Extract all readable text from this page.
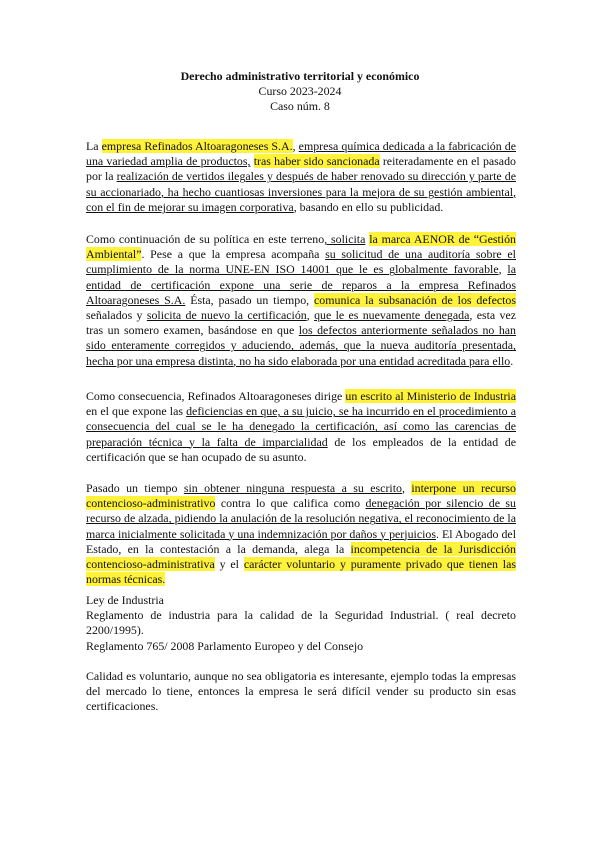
Derecho administrativo territorial y económico
Curso 2023-2024
Caso núm. 8

La empresa Refinados Altoaragoneses S.A., empresa química dedicada a la fabricación de una variedad amplia de productos, tras haber sido sancionada reiteradamente en el pasado por la realización de vertidos ilegales y después de haber renovado su dirección y parte de su accionariado, ha hecho cuantiosas inversiones para la mejora de su gestión ambiental, con el fin de mejorar su imagen corporativa, basando en ello su publicidad.

Como continuación de su política en este terreno, solicita la marca AENOR de “Gestión Ambiental”. Pese a que la empresa acompaña su solicitud de una auditoría sobre el cumplimiento de la norma UNE-EN ISO 14001 que le es globalmente favorable, la entidad de certificación expone una serie de reparos a la empresa Refinados Altoaragoneses S.A. Ésta, pasado un tiempo, comunica la subsanación de los defectos señalados y solicita de nuevo la certificación, que le es nuevamente denegada, esta vez tras un somero examen, basándose en que los defectos anteriormente señalados no han sido enteramente corregidos y aduciendo, además, que la nueva auditoría presentada, hecha por una empresa distinta, no ha sido elaborada por una entidad acreditada para ello.

Como consecuencia, Refinados Altoaragoneses dirige un escrito al Ministerio de Industria en el que expone las deficiencias en que, a su juicio, se ha incurrido en el procedimiento a consecuencia del cual se le ha denegado la certificación, así como las carencias de preparación técnica y la falta de imparcialidad de los empleados de la entidad de certificación que se han ocupado de su asunto.

Pasado un tiempo sin obtener ninguna respuesta a su escrito, interpone un recurso contencioso-administrativo contra lo que califica como denegación por silencio de su recurso de alzada, pidiendo la anulación de la resolución negativa, el reconocimiento de la marca inicialmente solicitada y una indemnización por daños y perjuicios. El Abogado del Estado, en la contestación a la demanda, alega la incompetencia de la Jurisdicción contencioso-administrativa y el carácter voluntario y puramente privado que tienen las normas técnicas.

Ley de Industria
Reglamento de industria para la calidad de la Seguridad Industrial. ( real decreto 2200/1995).
Reglamento 765/ 2008 Parlamento Europeo y del Consejo
Calidad es voluntario, aunque no sea obligatoria es interesante, ejemplo todas la empresas del mercado lo tiene, entonces la empresa le será difícil vender su producto sin esas certificaciones.
